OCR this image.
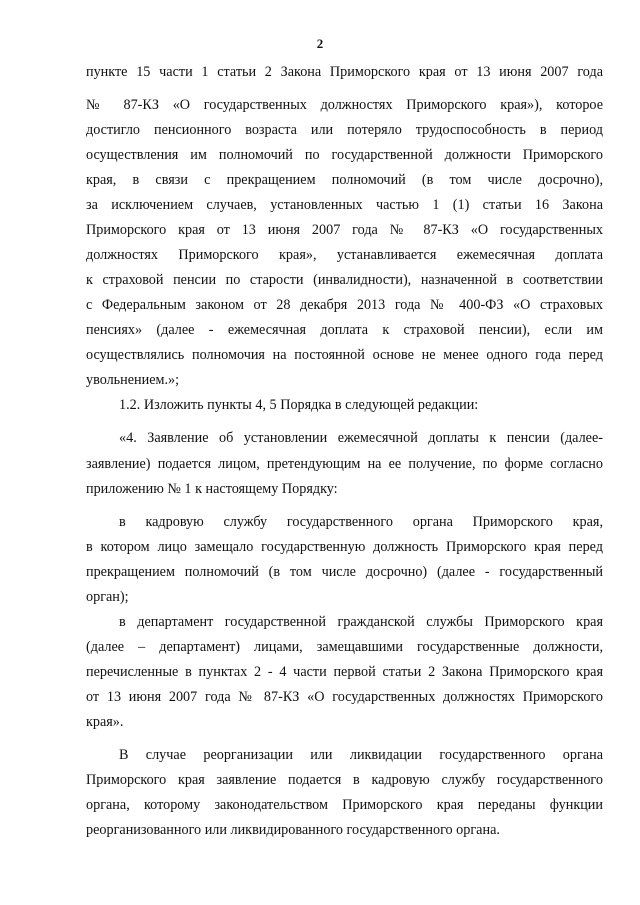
2
пункте 15 части 1 статьи 2 Закона Приморского края от 13 июня 2007 года
№ 87-КЗ «О государственных должностях Приморского края»), которое
достигло пенсионного возраста или потеряло трудоспособность в период
осуществления им полномочий по государственной должности Приморского
края, в связи с прекращением полномочий (в том числе досрочно),
за исключением случаев, установленных частью 1 (1) статьи 16 Закона
Приморского края от 13 июня 2007 года № 87-КЗ «О государственных
должностях Приморского края», устанавливается ежемесячная доплата
к страховой пенсии по старости (инвалидности), назначенной в соответствии
с Федеральным законом от 28 декабря 2013 года № 400-ФЗ «О страховых
пенсиях» (далее - ежемесячная доплата к страховой пенсии), если им
осуществлялись полномочия на постоянной основе не менее одного года перед
увольнением.»;
1.2. Изложить пункты 4, 5 Порядка в следующей редакции:
«4. Заявление об установлении ежемесячной доплаты к пенсии (далее-
заявление) подается лицом, претендующим на ее получение, по форме согласно
приложению № 1 к настоящему Порядку:
в кадровую службу государственного органа Приморского края,
в котором лицо замещало государственную должность Приморского края перед
прекращением полномочий (в том числе досрочно) (далее - государственный
орган);
в департамент государственной гражданской службы Приморского края
(далее – департамент) лицами, замещавшими государственные должности,
перечисленные в пунктах 2 - 4 части первой статьи 2 Закона Приморского края
от 13 июня 2007 года № 87-КЗ «О государственных должностях Приморского
края».
В случае реорганизации или ликвидации государственного органа
Приморского края заявление подается в кадровую службу государственного
органа, которому законодательством Приморского края переданы функции
реорганизованного или ликвидированного государственного органа.
